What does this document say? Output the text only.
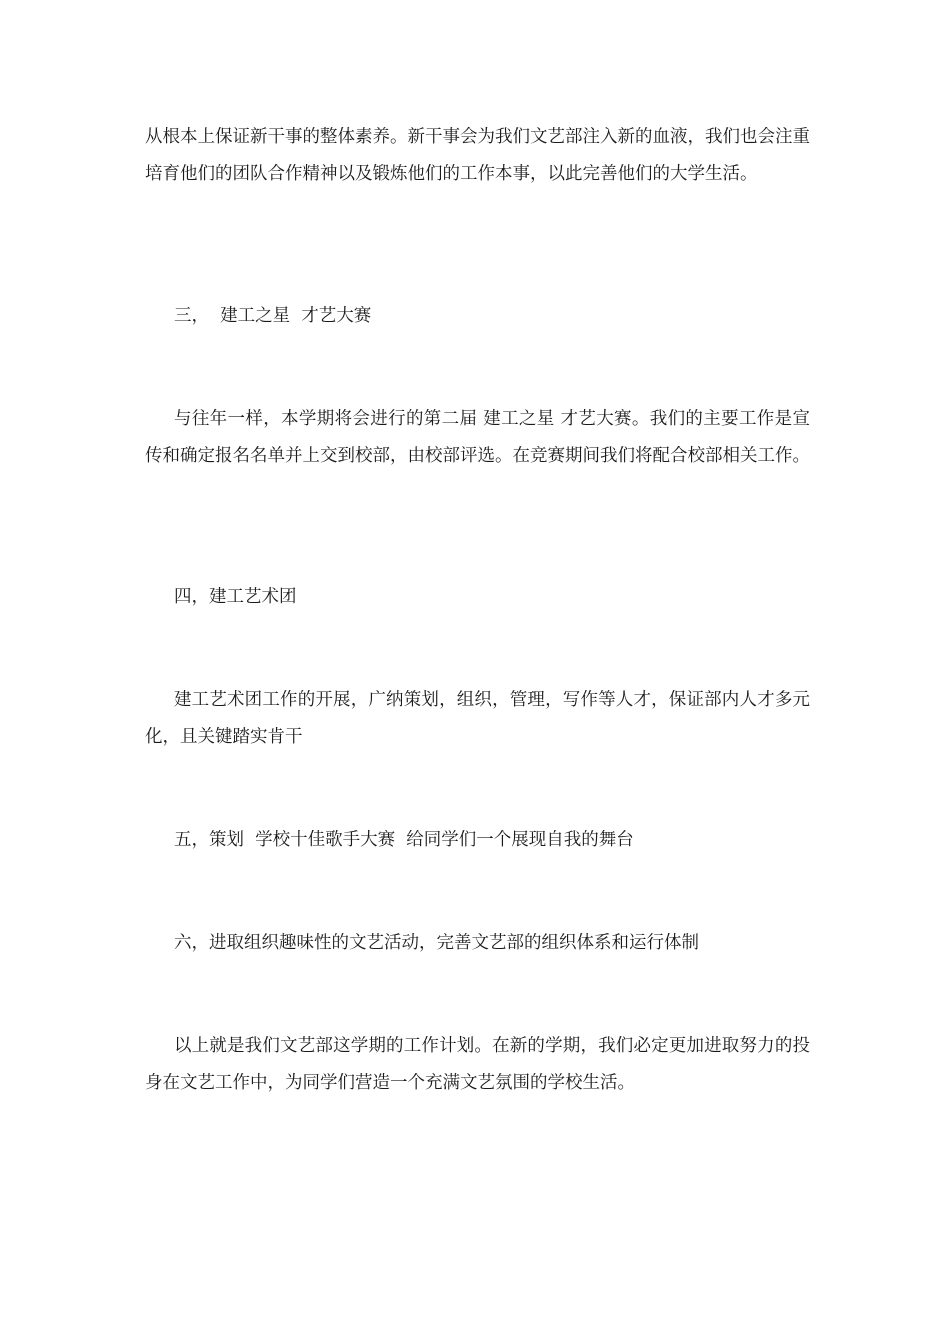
从根本上保证新干事的整体素养。新干事会为我们文艺部注入新的血液，我们也会注重培育他们的团队合作精神以及锻炼他们的工作本事，以此完善他们的大学生活。

三，  建工之星  才艺大赛

与往年一样，本学期将会进行的第二届 建工之星 才艺大赛。我们的主要工作是宣传和确定报名名单并上交到校部，由校部评选。在竞赛期间我们将配合校部相关工作。

四，建工艺术团

建工艺术团工作的开展，广纳策划，组织，管理，写作等人才，保证部内人才多元化，且关键踏实肯干

五，策划  学校十佳歌手大赛  给同学们一个展现自我的舞台

六，进取组织趣味性的文艺活动，完善文艺部的组织体系和运行体制

以上就是我们文艺部这学期的工作计划。在新的学期，我们必定更加进取努力的投身在文艺工作中，为同学们营造一个充满文艺氛围的学校生活。
